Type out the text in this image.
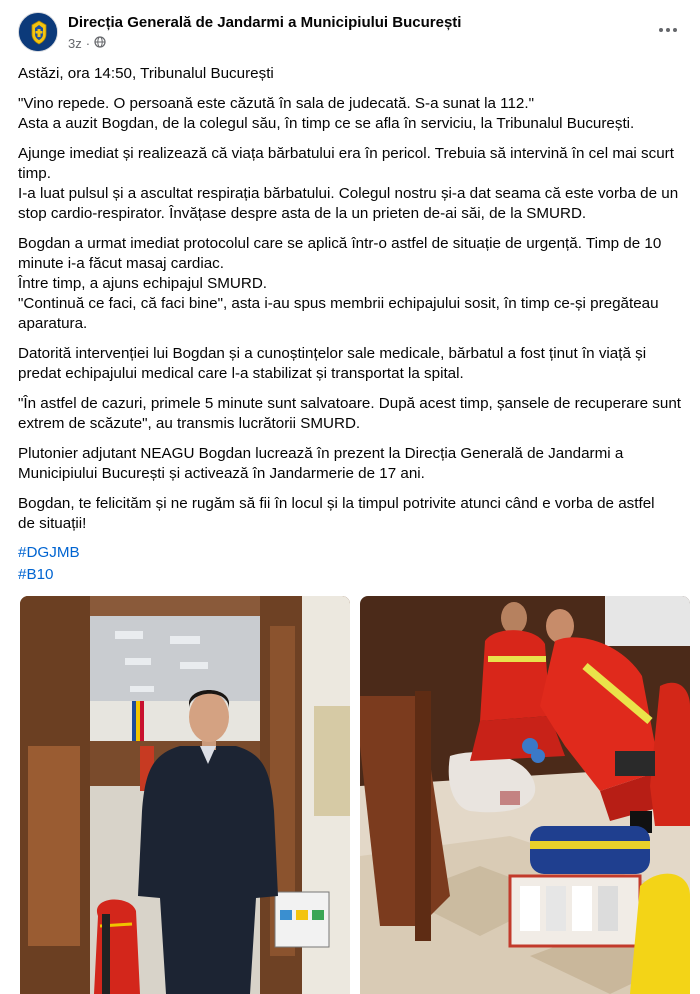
Direcția Generală de Jandarmi a Municipiului București
3z ·
Astăzi, ora 14:50, Tribunalul București
"Vino repede. O persoană este căzută în sala de judecată. S-a sunat la 112."
Asta a auzit Bogdan, de la colegul său, în timp ce se afla în serviciu, la Tribunalul București.
Ajunge imediat și realizează că viața bărbatului era în pericol. Trebuia să intervină în cel mai scurt
timp.
I-a luat pulsul și a ascultat respirația bărbatului. Colegul nostru și-a dat seama că este vorba de un
stop cardio-respirator. Învățase despre asta de la un prieten de-ai săi, de la SMURD.
Bogdan a urmat imediat protocolul care se aplică într-o astfel de situație de urgență. Timp de 10
minute i-a făcut masaj cardiac.
Între timp, a ajuns echipajul SMURD.
"Continuă ce faci, că faci bine", asta i-au spus membrii echipajului sosit, în timp ce-și pregăteau
aparatura.
Datorită intervenției lui Bogdan și a cunoștințelor sale medicale, bărbatul a fost ținut în viață și
predat echipajului medical care l-a stabilizat și transportat la spital.
"În astfel de cazuri, primele 5 minute sunt salvatoare. După acest timp, șansele de recuperare sunt
extrem de scăzute", au transmis lucrătorii SMURD.
Plutonier adjutant NEAGU Bogdan lucrează în prezent la Direcția Generală de Jandarmi a
Municipiului București și activează în Jandarmerie de 17 ani.
Bogdan, te felicităm și ne rugăm să fii în locul și la timpul potrivite atunci când e vorba de astfel
de situații!
#DGJMB
#B10
